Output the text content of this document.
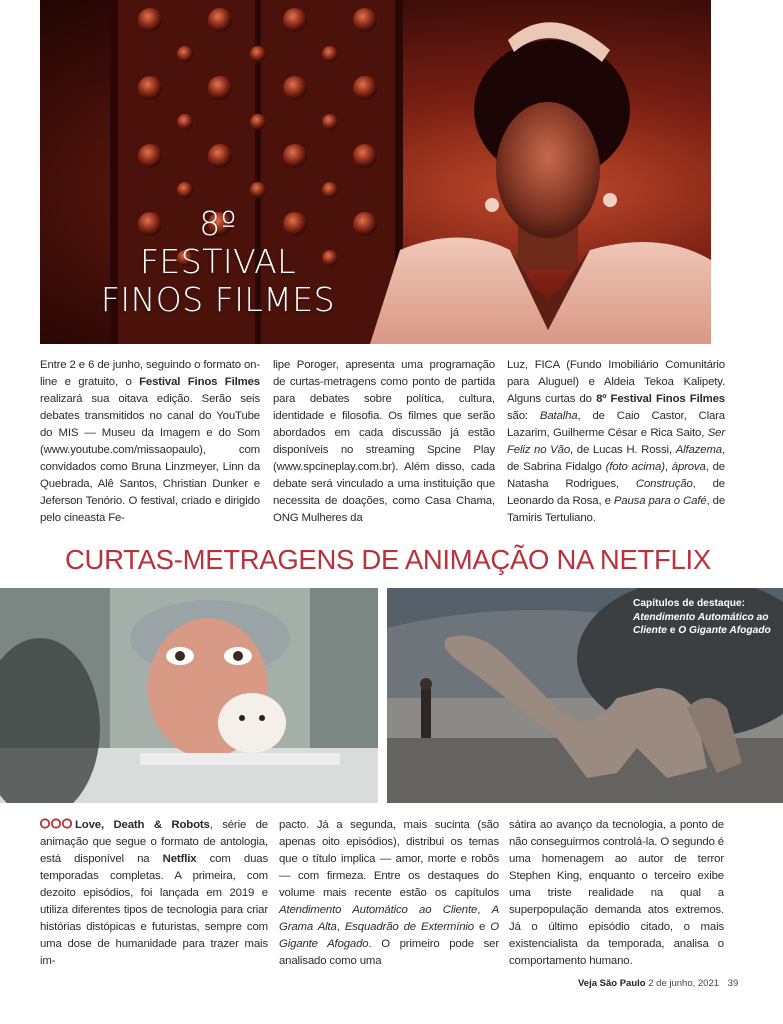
8º
FESTIVAL
FINOS FILMES
Entre 2 e 6 de junho, seguindo o formato on-line e gratuito, o Festival Finos Filmes realizará sua oitava edição. Serão seis debates transmitidos no canal do YouTube do MIS — Museu da Imagem e do Som (www.youtube.com/missaopaulo), com convidados como Bruna Linzmeyer, Linn da Quebrada, Alê Santos, Christian Dunker e Jeferson Tenório. O festival, criado e dirigido pelo cineasta Fe-
lipe Poroger, apresenta uma programação de curtas-metragens como ponto de partida para debates sobre política, cultura, identidade e filosofia. Os filmes que serão abordados em cada discussão já estão disponíveis no streaming Spcine Play (www.spcineplay.com.br). Além disso, cada debate será vinculado a uma instituição que necessita de doações, como Casa Chama, ONG Mulheres da
Luz, FICA (Fundo Imobiliário Comunitário para Aluguel) e Aldeia Tekoa Kalipety. Alguns curtas do 8º Festival Finos Filmes são: Batalha, de Caio Castor, Clara Lazarim, Guilherme César e Rica Saito, Ser Feliz no Vão, de Lucas H. Rossi, Alfazema, de Sabrina Fidalgo (foto acima), àprova, de Natasha Rodrigues, Construção, de Leonardo da Rosa, e Pausa para o Café, de Tamiris Tertuliano.
CURTAS-METRAGENS DE ANIMAÇÃO NA NETFLIX
Capítulos de destaque:
Atendimento Automático ao Cliente e O Gigante Afogado
Love, Death & Robots, série de animação que segue o formato de antologia, está disponível na Netflix com duas temporadas completas. A primeira, com dezoito episódios, foi lançada em 2019 e utiliza diferentes tipos de tecnologia para criar histórias distópicas e futuristas, sempre com uma dose de humanidade para trazer mais im-
pacto. Já a segunda, mais sucinta (são apenas oito episódios), distribui os temas que o título implica — amor, morte e robôs — com firmeza. Entre os destaques do volume mais recente estão os capítulos Atendimento Automático ao Cliente, A Grama Alta, Esquadrão de Extermínio e O Gigante Afogado. O primeiro pode ser analisado como uma
sátira ao avanço da tecnologia, a ponto de não conseguirmos controlá-la. O segundo é uma homenagem ao autor de terror Stephen King, enquanto o terceiro exibe uma triste realidade na qual a superpopulação demanda atos extremos. Já o último episódio citado, o mais existencialista da temporada, analisa o comportamento humano.
Veja São Paulo 2 de junho, 2021 39
